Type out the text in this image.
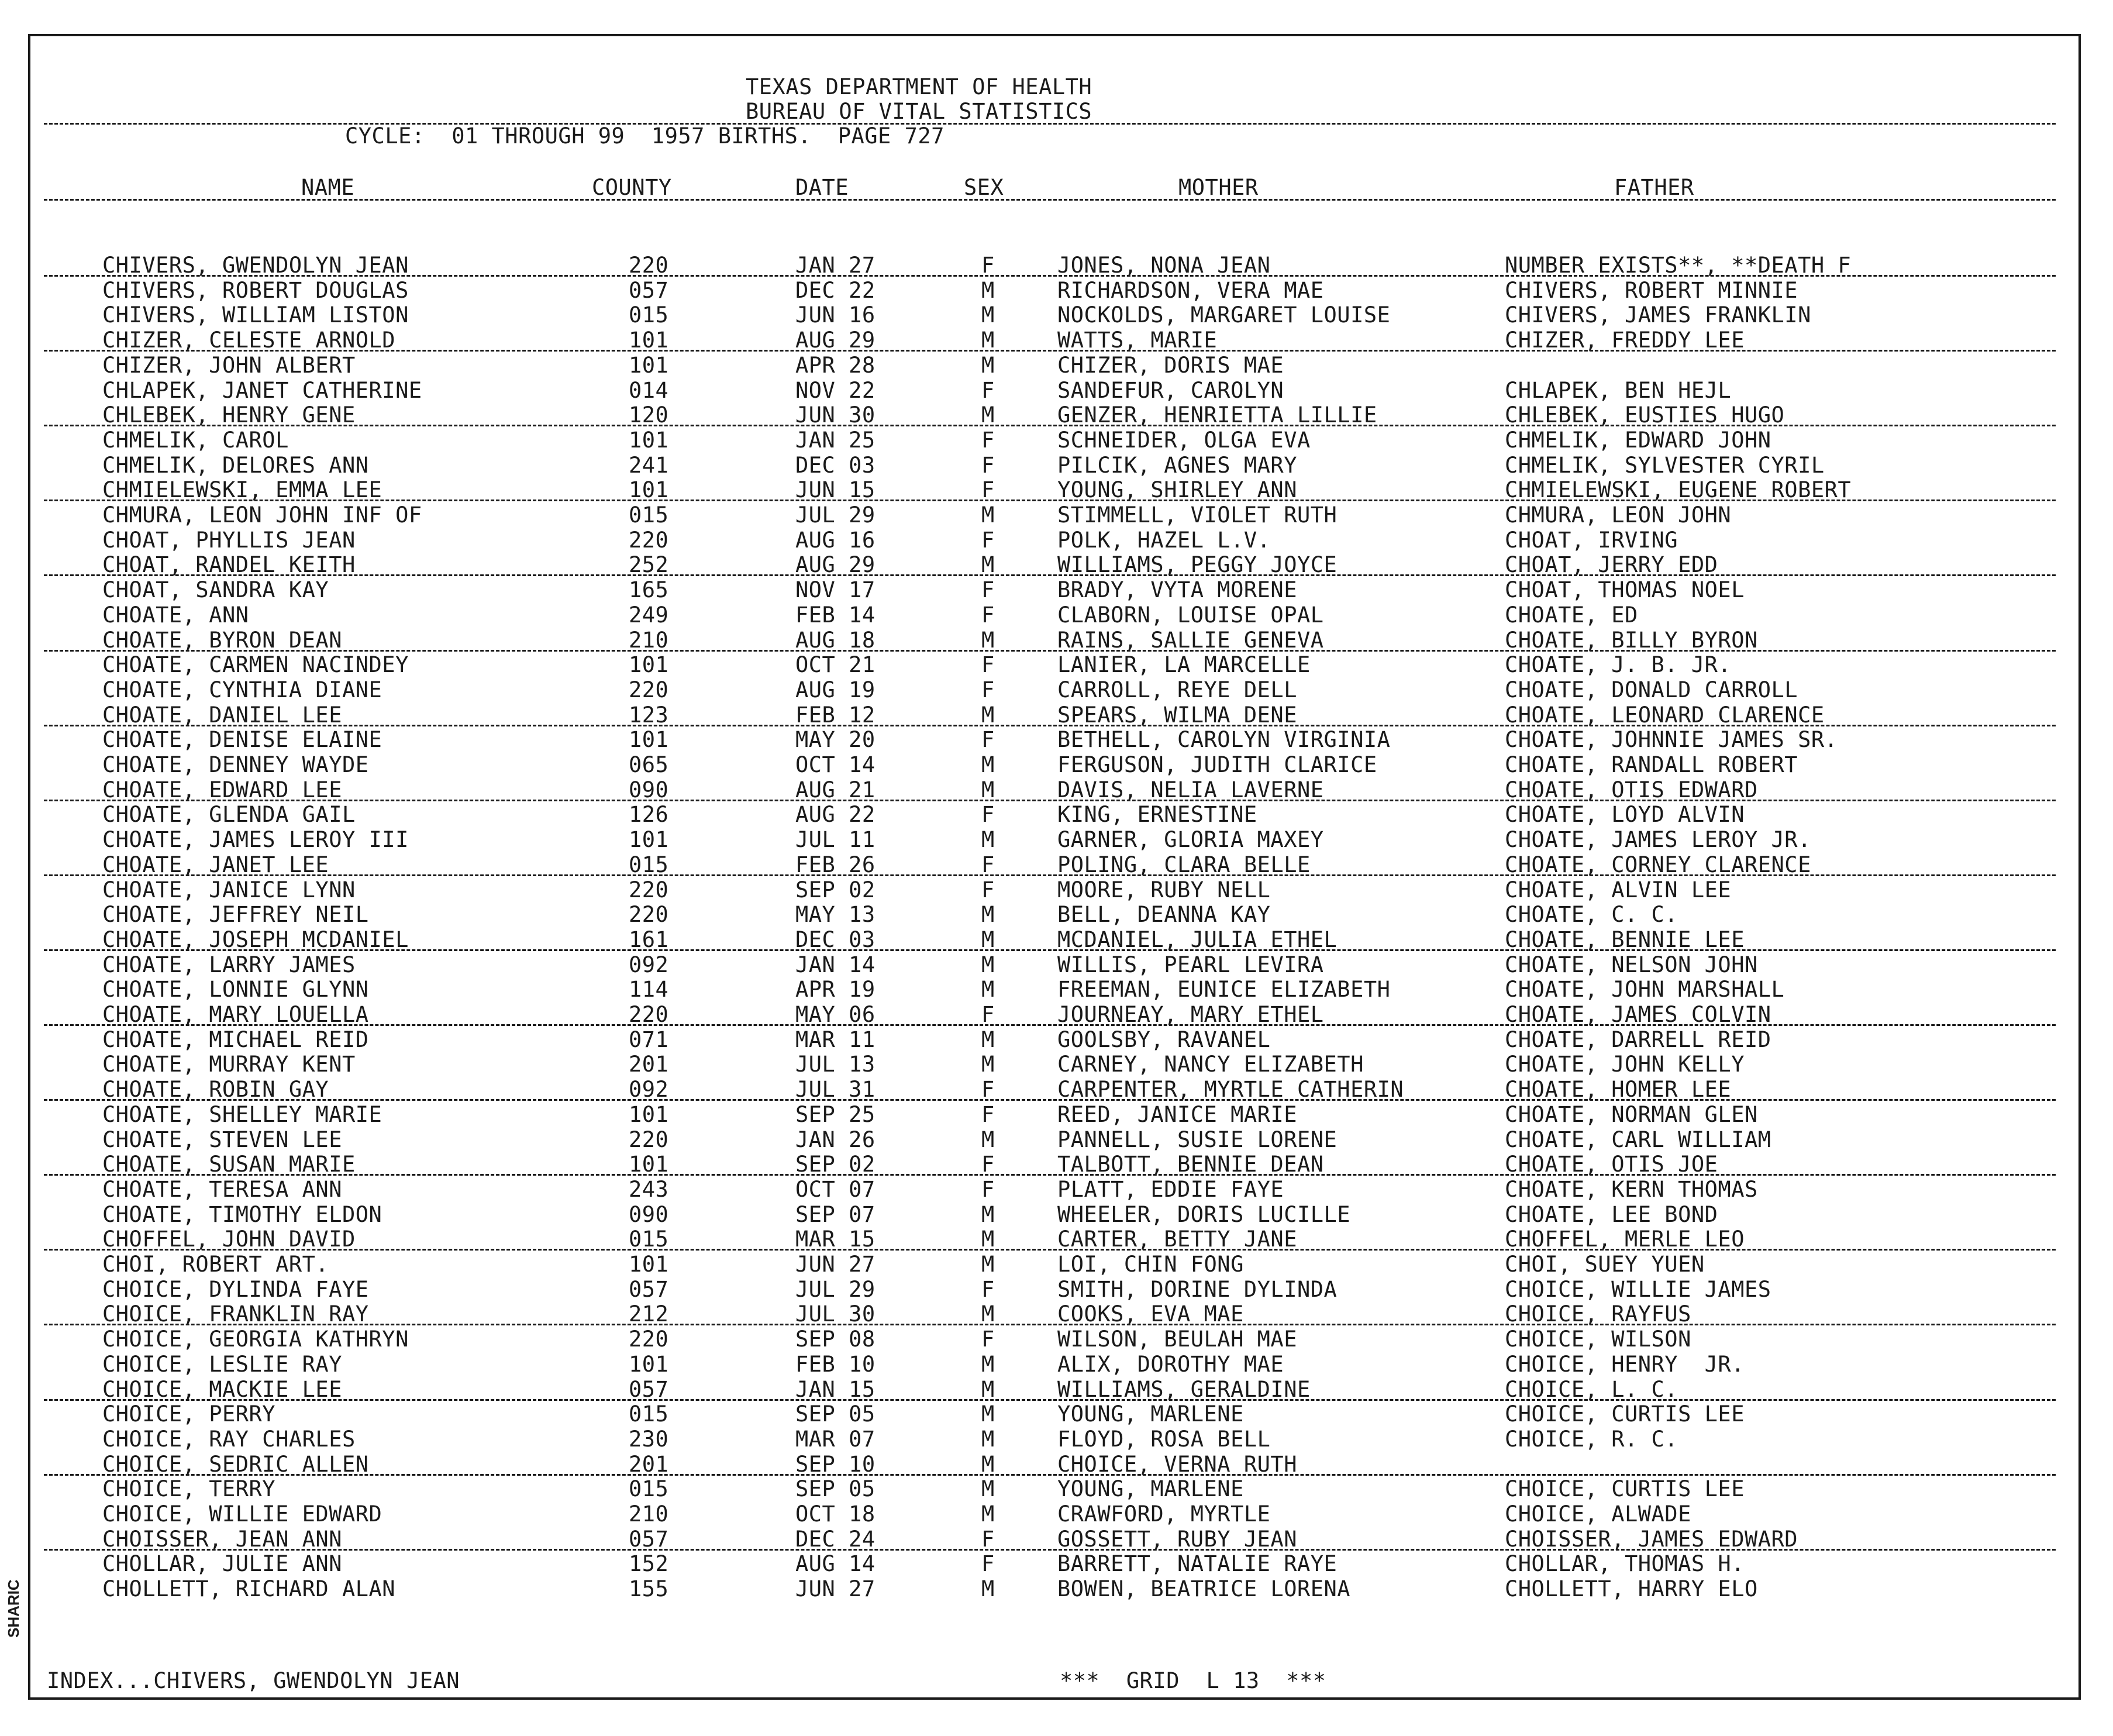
TEXAS DEPARTMENT OF HEALTH
BUREAU OF VITAL STATISTICS
CYCLE:  01 THROUGH 99  1957 BIRTHS.  PAGE 727
NAME	COUNTY	DATE	SEX	MOTHER	FATHER
CHIVERS, GWENDOLYN JEAN	220	JAN 27	F	JONES, NONA JEAN	NUMBER EXISTS**, **DEATH F
CHIVERS, ROBERT DOUGLAS	057	DEC 22	M	RICHARDSON, VERA MAE	CHIVERS, ROBERT MINNIE
CHIVERS, WILLIAM LISTON	015	JUN 16	M	NOCKOLDS, MARGARET LOUISE	CHIVERS, JAMES FRANKLIN
CHIZER, CELESTE ARNOLD	101	AUG 29	M	WATTS, MARIE	CHIZER, FREDDY LEE
CHIZER, JOHN ALBERT	101	APR 28	M	CHIZER, DORIS MAE
CHLAPEK, JANET CATHERINE	014	NOV 22	F	SANDEFUR, CAROLYN	CHLAPEK, BEN HEJL
CHLEBEK, HENRY GENE	120	JUN 30	M	GENZER, HENRIETTA LILLIE	CHLEBEK, EUSTIES HUGO
CHMELIK, CAROL	101	JAN 25	F	SCHNEIDER, OLGA EVA	CHMELIK, EDWARD JOHN
CHMELIK, DELORES ANN	241	DEC 03	F	PILCIK, AGNES MARY	CHMELIK, SYLVESTER CYRIL
CHMIELEWSKI, EMMA LEE	101	JUN 15	F	YOUNG, SHIRLEY ANN	CHMIELEWSKI, EUGENE ROBERT
CHMURA, LEON JOHN INF OF	015	JUL 29	M	STIMMELL, VIOLET RUTH	CHMURA, LEON JOHN
CHOAT, PHYLLIS JEAN	220	AUG 16	F	POLK, HAZEL L.V.	CHOAT, IRVING
CHOAT, RANDEL KEITH	252	AUG 29	M	WILLIAMS, PEGGY JOYCE	CHOAT, JERRY EDD
CHOAT, SANDRA KAY	165	NOV 17	F	BRADY, VYTA MORENE	CHOAT, THOMAS NOEL
CHOATE, ANN	249	FEB 14	F	CLABORN, LOUISE OPAL	CHOATE, ED
CHOATE, BYRON DEAN	210	AUG 18	M	RAINS, SALLIE GENEVA	CHOATE, BILLY BYRON
CHOATE, CARMEN NACINDEY	101	OCT 21	F	LANIER, LA MARCELLE	CHOATE, J. B. JR.
CHOATE, CYNTHIA DIANE	220	AUG 19	F	CARROLL, REYE DELL	CHOATE, DONALD CARROLL
CHOATE, DANIEL LEE	123	FEB 12	M	SPEARS, WILMA DENE	CHOATE, LEONARD CLARENCE
CHOATE, DENISE ELAINE	101	MAY 20	F	BETHELL, CAROLYN VIRGINIA	CHOATE, JOHNNIE JAMES SR.
CHOATE, DENNEY WAYDE	065	OCT 14	M	FERGUSON, JUDITH CLARICE	CHOATE, RANDALL ROBERT
CHOATE, EDWARD LEE	090	AUG 21	M	DAVIS, NELIA LAVERNE	CHOATE, OTIS EDWARD
CHOATE, GLENDA GAIL	126	AUG 22	F	KING, ERNESTINE	CHOATE, LOYD ALVIN
CHOATE, JAMES LEROY III	101	JUL 11	M	GARNER, GLORIA MAXEY	CHOATE, JAMES LEROY JR.
CHOATE, JANET LEE	015	FEB 26	F	POLING, CLARA BELLE	CHOATE, CORNEY CLARENCE
CHOATE, JANICE LYNN	220	SEP 02	F	MOORE, RUBY NELL	CHOATE, ALVIN LEE
CHOATE, JEFFREY NEIL	220	MAY 13	M	BELL, DEANNA KAY	CHOATE, C. C.
CHOATE, JOSEPH MCDANIEL	161	DEC 03	M	MCDANIEL, JULIA ETHEL	CHOATE, BENNIE LEE
CHOATE, LARRY JAMES	092	JAN 14	M	WILLIS, PEARL LEVIRA	CHOATE, NELSON JOHN
CHOATE, LONNIE GLYNN	114	APR 19	M	FREEMAN, EUNICE ELIZABETH	CHOATE, JOHN MARSHALL
CHOATE, MARY LOUELLA	220	MAY 06	F	JOURNEAY, MARY ETHEL	CHOATE, JAMES COLVIN
CHOATE, MICHAEL REID	071	MAR 11	M	GOOLSBY, RAVANEL	CHOATE, DARRELL REID
CHOATE, MURRAY KENT	201	JUL 13	M	CARNEY, NANCY ELIZABETH	CHOATE, JOHN KELLY
CHOATE, ROBIN GAY	092	JUL 31	F	CARPENTER, MYRTLE CATHERIN	CHOATE, HOMER LEE
CHOATE, SHELLEY MARIE	101	SEP 25	F	REED, JANICE MARIE	CHOATE, NORMAN GLEN
CHOATE, STEVEN LEE	220	JAN 26	M	PANNELL, SUSIE LORENE	CHOATE, CARL WILLIAM
CHOATE, SUSAN MARIE	101	SEP 02	F	TALBOTT, BENNIE DEAN	CHOATE, OTIS JOE
CHOATE, TERESA ANN	243	OCT 07	F	PLATT, EDDIE FAYE	CHOATE, KERN THOMAS
CHOATE, TIMOTHY ELDON	090	SEP 07	M	WHEELER, DORIS LUCILLE	CHOATE, LEE BOND
CHOFFEL, JOHN DAVID	015	MAR 15	M	CARTER, BETTY JANE	CHOFFEL, MERLE LEO
CHOI, ROBERT ART.	101	JUN 27	M	LOI, CHIN FONG	CHOI, SUEY YUEN
CHOICE, DYLINDA FAYE	057	JUL 29	F	SMITH, DORINE DYLINDA	CHOICE, WILLIE JAMES
CHOICE, FRANKLIN RAY	212	JUL 30	M	COOKS, EVA MAE	CHOICE, RAYFUS
CHOICE, GEORGIA KATHRYN	220	SEP 08	F	WILSON, BEULAH MAE	CHOICE, WILSON
CHOICE, LESLIE RAY	101	FEB 10	M	ALIX, DOROTHY MAE	CHOICE, HENRY  JR.
CHOICE, MACKIE LEE	057	JAN 15	M	WILLIAMS, GERALDINE	CHOICE, L. C.
CHOICE, PERRY	015	SEP 05	M	YOUNG, MARLENE	CHOICE, CURTIS LEE
CHOICE, RAY CHARLES	230	MAR 07	M	FLOYD, ROSA BELL	CHOICE, R. C.
CHOICE, SEDRIC ALLEN	201	SEP 10	M	CHOICE, VERNA RUTH
CHOICE, TERRY	015	SEP 05	M	YOUNG, MARLENE	CHOICE, CURTIS LEE
CHOICE, WILLIE EDWARD	210	OCT 18	M	CRAWFORD, MYRTLE	CHOICE, ALWADE
CHOISSER, JEAN ANN	057	DEC 24	F	GOSSETT, RUBY JEAN	CHOISSER, JAMES EDWARD
CHOLLAR, JULIE ANN	152	AUG 14	F	BARRETT, NATALIE RAYE	CHOLLAR, THOMAS H.
CHOLLETT, RICHARD ALAN	155	JUN 27	M	BOWEN, BEATRICE LORENA	CHOLLETT, HARRY ELO
INDEX...CHIVERS, GWENDOLYN JEAN	***  GRID  L 13  ***
SHARIC
